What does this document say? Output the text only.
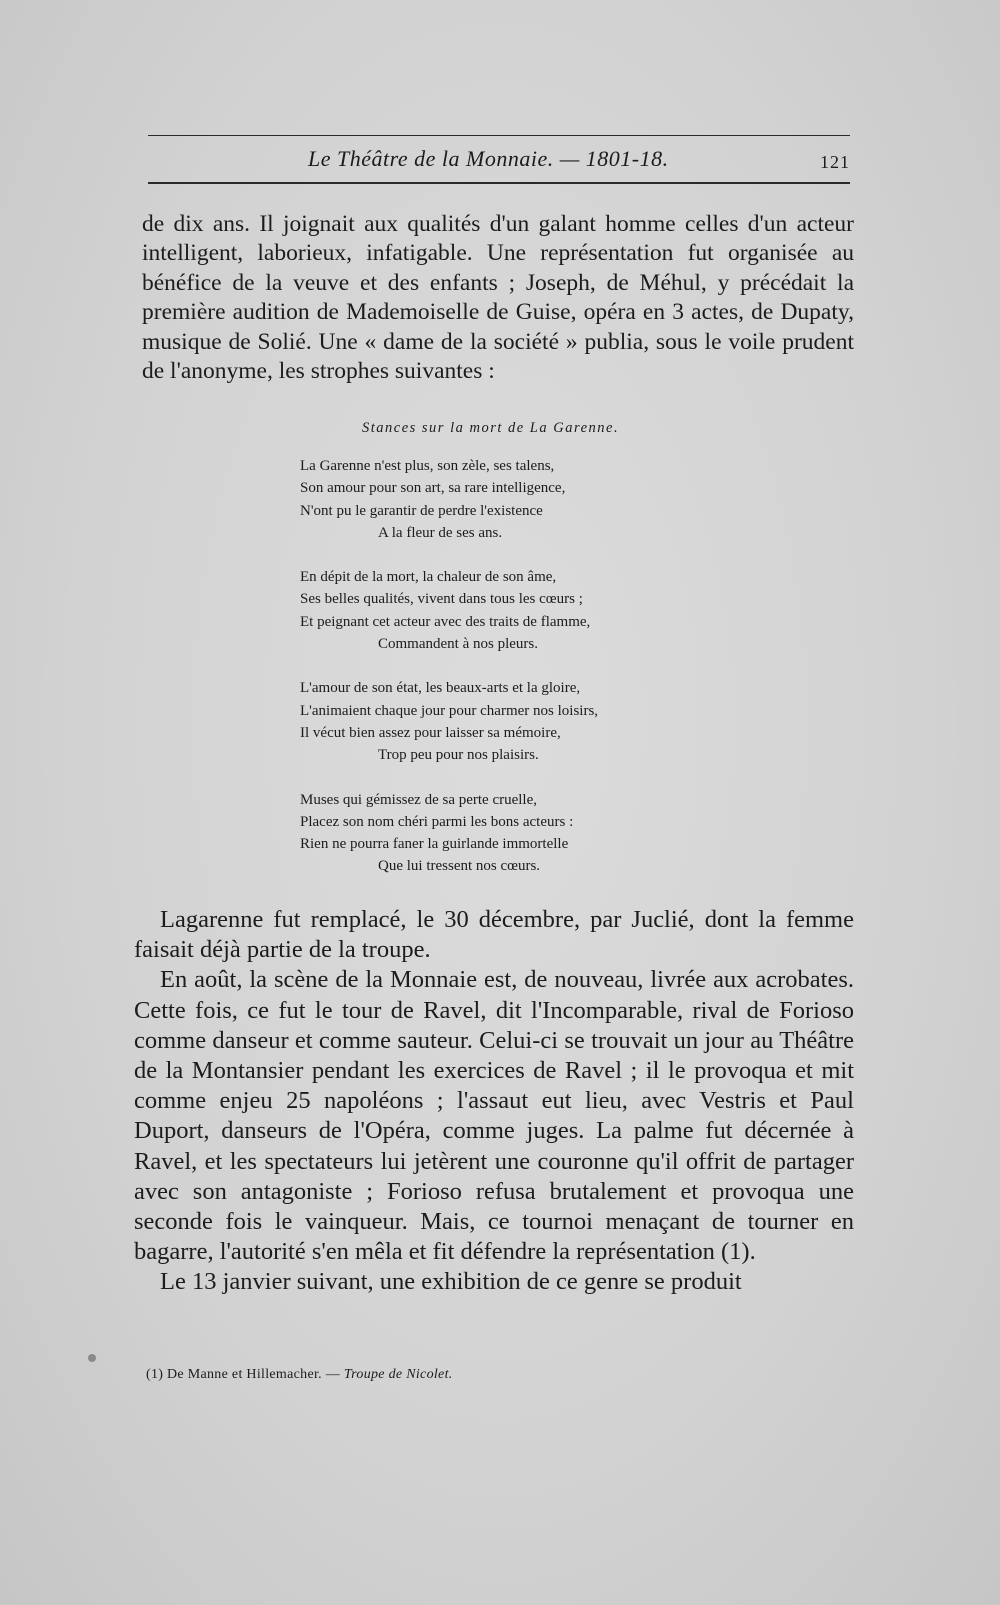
Le Théâtre de la Monnaie. — 1801-18.	121

de dix ans. Il joignait aux qualités d'un galant homme celles d'un acteur intelligent, laborieux, infatigable. Une représentation fut organisée au bénéfice de la veuve et des enfants ; Joseph, de Méhul, y précédait la première audition de Mademoiselle de Guise, opéra en 3 actes, de Dupaty, musique de Solié. Une « dame de la société » publia, sous le voile prudent de l'anonyme, les strophes suivantes :

Stances sur la mort de La Garenne.
La Garenne n'est plus, son zèle, ses talens,
Son amour pour son art, sa rare intelligence,
N'ont pu le garantir de perdre l'existence
A la fleur de ses ans.
En dépit de la mort, la chaleur de son âme,
Ses belles qualités, vivent dans tous les cœurs ;
Et peignant cet acteur avec des traits de flamme,
Commandent à nos pleurs.
L'amour de son état, les beaux-arts et la gloire,
L'animaient chaque jour pour charmer nos loisirs,
Il vécut bien assez pour laisser sa mémoire,
Trop peu pour nos plaisirs.
Muses qui gémissez de sa perte cruelle,
Placez son nom chéri parmi les bons acteurs :
Rien ne pourra faner la guirlande immortelle
Que lui tressent nos cœurs.

Lagarenne fut remplacé, le 30 décembre, par Juclié, dont la femme faisait déjà partie de la troupe.

En août, la scène de la Monnaie est, de nouveau, livrée aux acrobates. Cette fois, ce fut le tour de Ravel, dit l'Incomparable, rival de Forioso comme danseur et comme sauteur. Celui-ci se trouvait un jour au Théâtre de la Montansier pendant les exercices de Ravel ; il le provoqua et mit comme enjeu 25 napoléons ; l'assaut eut lieu, avec Vestris et Paul Duport, danseurs de l'Opéra, comme juges. La palme fut décernée à Ravel, et les spectateurs lui jetèrent une couronne qu'il offrit de partager avec son antagoniste ; Forioso refusa brutalement et provoqua une seconde fois le vainqueur. Mais, ce tournoi menaçant de tourner en bagarre, l'autorité s'en mêla et fit défendre la représentation (1).

Le 13 janvier suivant, une exhibition de ce genre se produit

(1) De Manne et Hillemacher. — Troupe de Nicolet.
